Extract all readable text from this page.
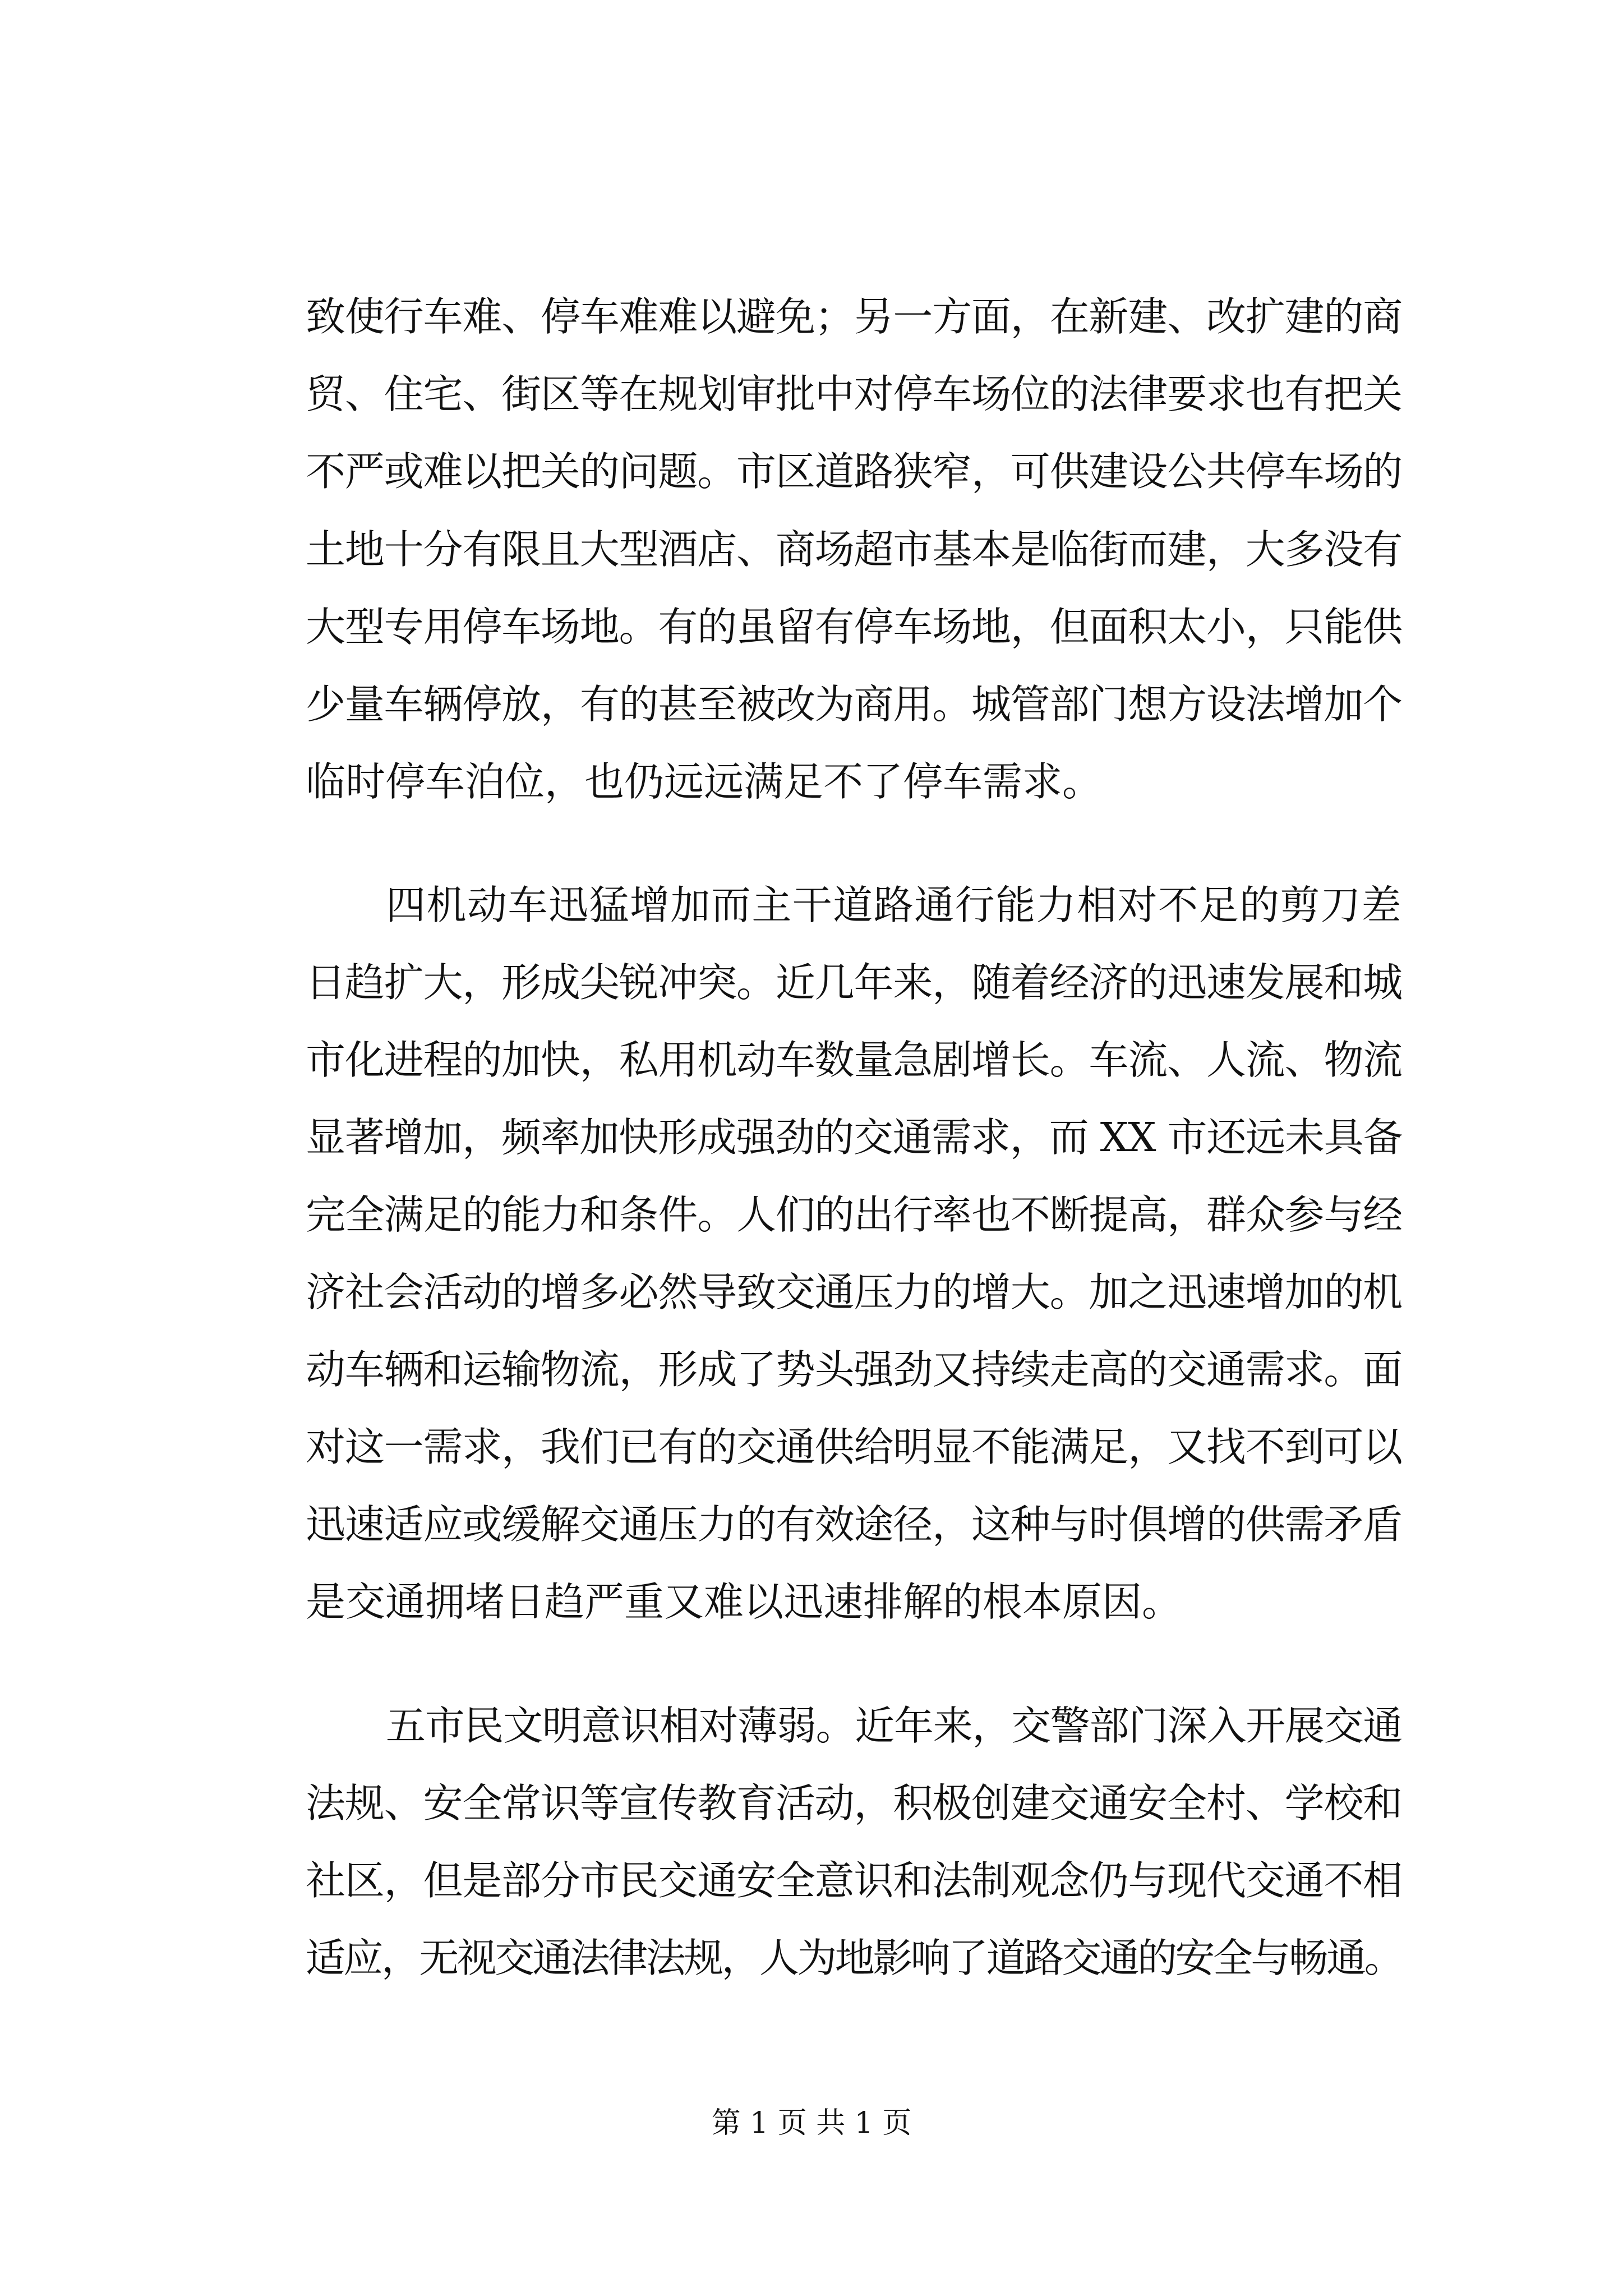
致使行车难、停车难难以避免；另一方面，在新建、改扩建的商
贸、住宅、街区等在规划审批中对停车场位的法律要求也有把关
不严或难以把关的问题。市区道路狭窄，可供建设公共停车场的
土地十分有限且大型酒店、商场超市基本是临街而建，大多没有
大型专用停车场地。有的虽留有停车场地，但面积太小，只能供
少量车辆停放，有的甚至被改为商用。城管部门想方设法增加个
临时停车泊位，也仍远远满足不了停车需求。
四机动车迅猛增加而主干道路通行能力相对不足的剪刀差
日趋扩大，形成尖锐冲突。近几年来，随着经济的迅速发展和城
市化进程的加快，私用机动车数量急剧增长。车流、人流、物流
显著增加，频率加快形成强劲的交通需求，而 XX 市还远未具备
完全满足的能力和条件。人们的出行率也不断提高，群众参与经
济社会活动的增多必然导致交通压力的增大。加之迅速增加的机
动车辆和运输物流，形成了势头强劲又持续走高的交通需求。面
对这一需求，我们已有的交通供给明显不能满足，又找不到可以
迅速适应或缓解交通压力的有效途径，这种与时俱增的供需矛盾
是交通拥堵日趋严重又难以迅速排解的根本原因。
五市民文明意识相对薄弱。近年来，交警部门深入开展交通
法规、安全常识等宣传教育活动，积极创建交通安全村、学校和
社区，但是部分市民交通安全意识和法制观念仍与现代交通不相
适应，无视交通法律法规，人为地影响了道路交通的安全与畅通。
第 1 页 共 1 页
